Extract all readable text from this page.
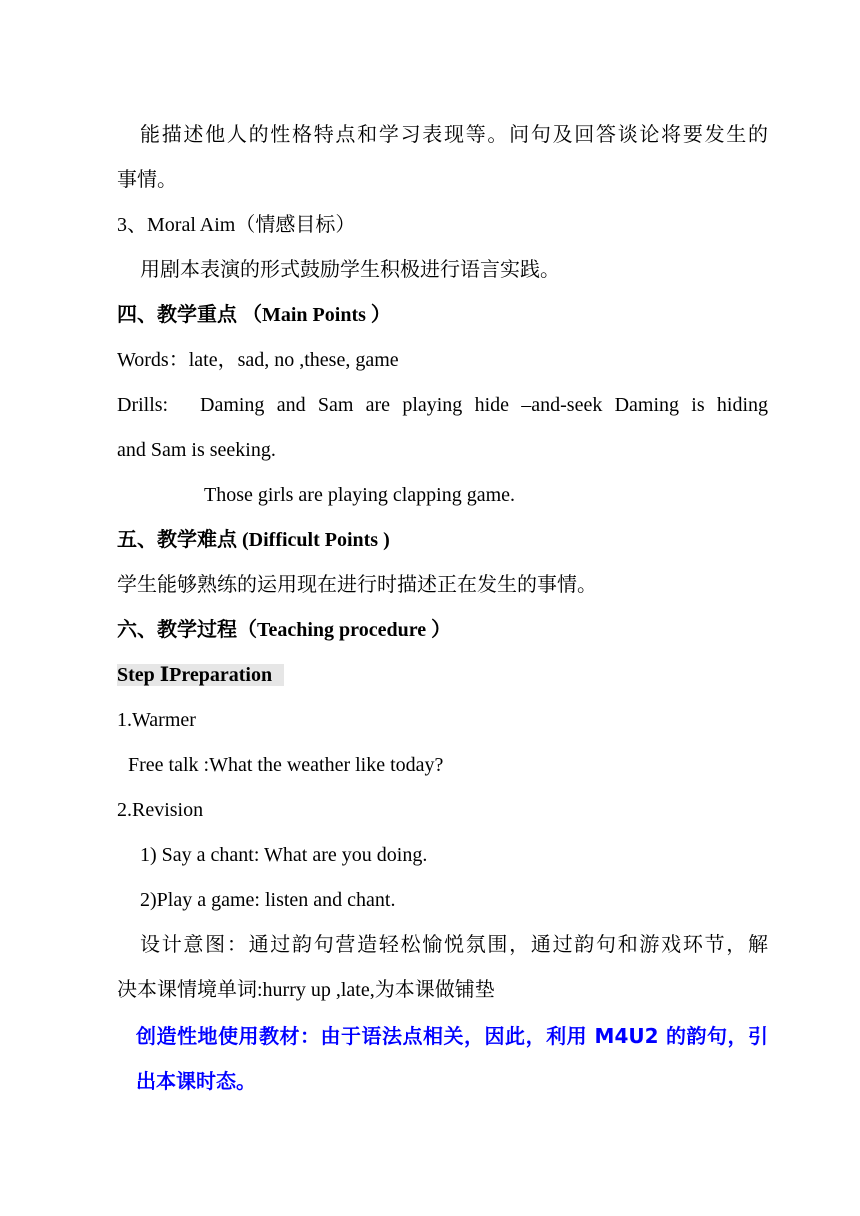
能描述他人的性格特点和学习表现等。问句及回答谈论将要发生的
事情。
3、Moral Aim（情感目标）
用剧本表演的形式鼓励学生积极进行语言实践。
四、教学重点 （Main Points ）
Words：late，sad, no ,these, game
Drills: Daming and Sam are playing hide –and-seek Daming is hiding
and Sam is seeking.
Those girls are playing clapping game.
五、教学难点 (Difficult Points )
学生能够熟练的运用现在进行时描述正在发生的事情。
六、教学过程（Teaching procedure ）
Step ⅠPreparation
1.Warmer
Free talk :What the weather like today?
2.Revision
1) Say a chant: What are you doing.
2)Play a game: listen and chant.
设计意图：通过韵句营造轻松愉悦氛围，通过韵句和游戏环节，解
决本课情境单词:hurry up ,late,为本课做铺垫
创造性地使用教材：由于语法点相关，因此，利用 M4U2 的韵句，引
出本课时态。
